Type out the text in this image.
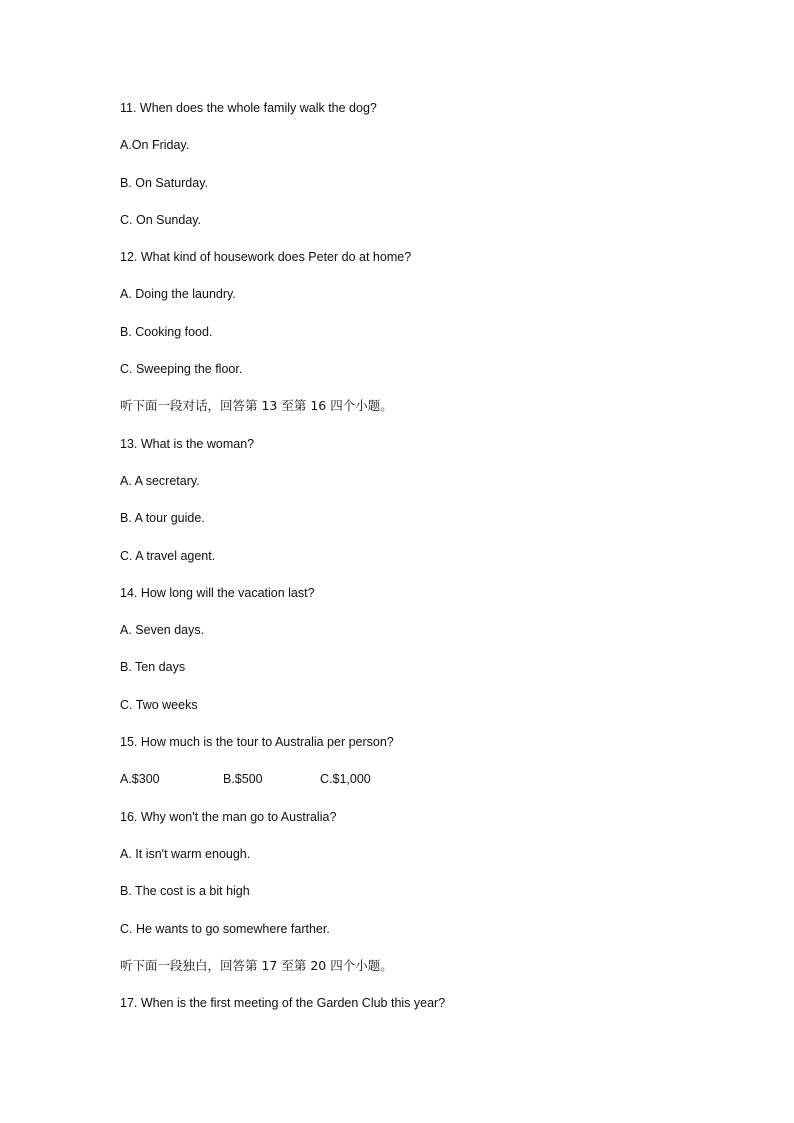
11. When does the whole family walk the dog?
A.On Friday.
B. On Saturday.
C. On Sunday.
12. What kind of housework does Peter do at home?
A. Doing the laundry.
B. Cooking food.
C. Sweeping the floor.
听下面一段对话，回答第 13 至第 16 四个小题。
13. What is the woman?
A. A secretary.
B. A tour guide.
C. A travel agent.
14. How long will the vacation last?
A. Seven days.
B. Ten days
C. Two weeks
15. How much is the tour to Australia per person?
A.$300	B.$500	C.$1,000
16. Why won't the man go to Australia?
A. It isn't warm enough.
B. The cost is a bit high
C. He wants to go somewhere farther.
听下面一段独白，回答第 17 至第 20 四个小题。
17. When is the first meeting of the Garden Club this year?
